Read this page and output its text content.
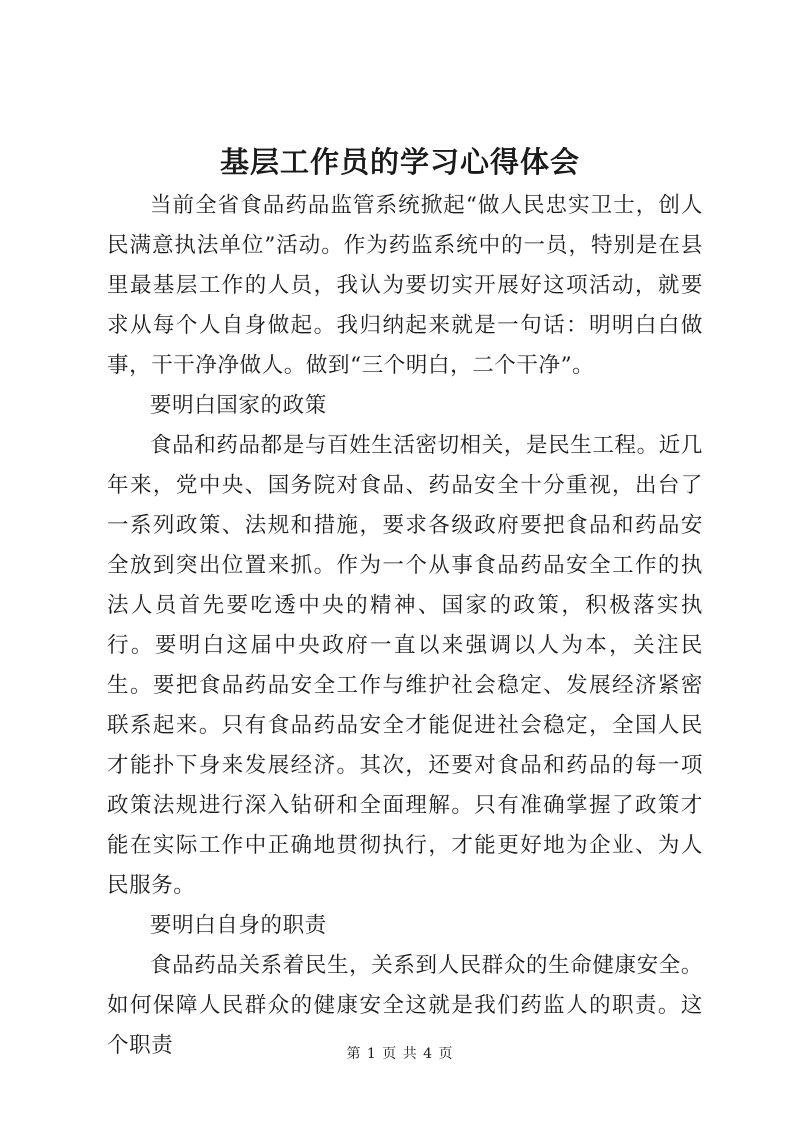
基层工作员的学习心得体会

当前全省食品药品监管系统掀起“做人民忠实卫士，创人民满意执法单位”活动。作为药监系统中的一员，特别是在县里最基层工作的人员，我认为要切实开展好这项活动，就要求从每个人自身做起。我归纳起来就是一句话：明明白白做事，干干净净做人。做到“三个明白，二个干净”。

要明白国家的政策

食品和药品都是与百姓生活密切相关，是民生工程。近几年来，党中央、国务院对食品、药品安全十分重视，出台了一系列政策、法规和措施，要求各级政府要把食品和药品安全放到突出位置来抓。作为一个从事食品药品安全工作的执法人员首先要吃透中央的精神、国家的政策，积极落实执行。要明白这届中央政府一直以来强调以人为本，关注民生。要把食品药品安全工作与维护社会稳定、发展经济紧密联系起来。只有食品药品安全才能促进社会稳定，全国人民才能扑下身来发展经济。其次，还要对食品和药品的每一项政策法规进行深入钻研和全面理解。只有准确掌握了政策才能在实际工作中正确地贯彻执行，才能更好地为企业、为人民服务。

要明白自身的职责

食品药品关系着民生，关系到人民群众的生命健康安全。如何保障人民群众的健康安全这就是我们药监人的职责。这个职责	第 1 页 共 4 页
